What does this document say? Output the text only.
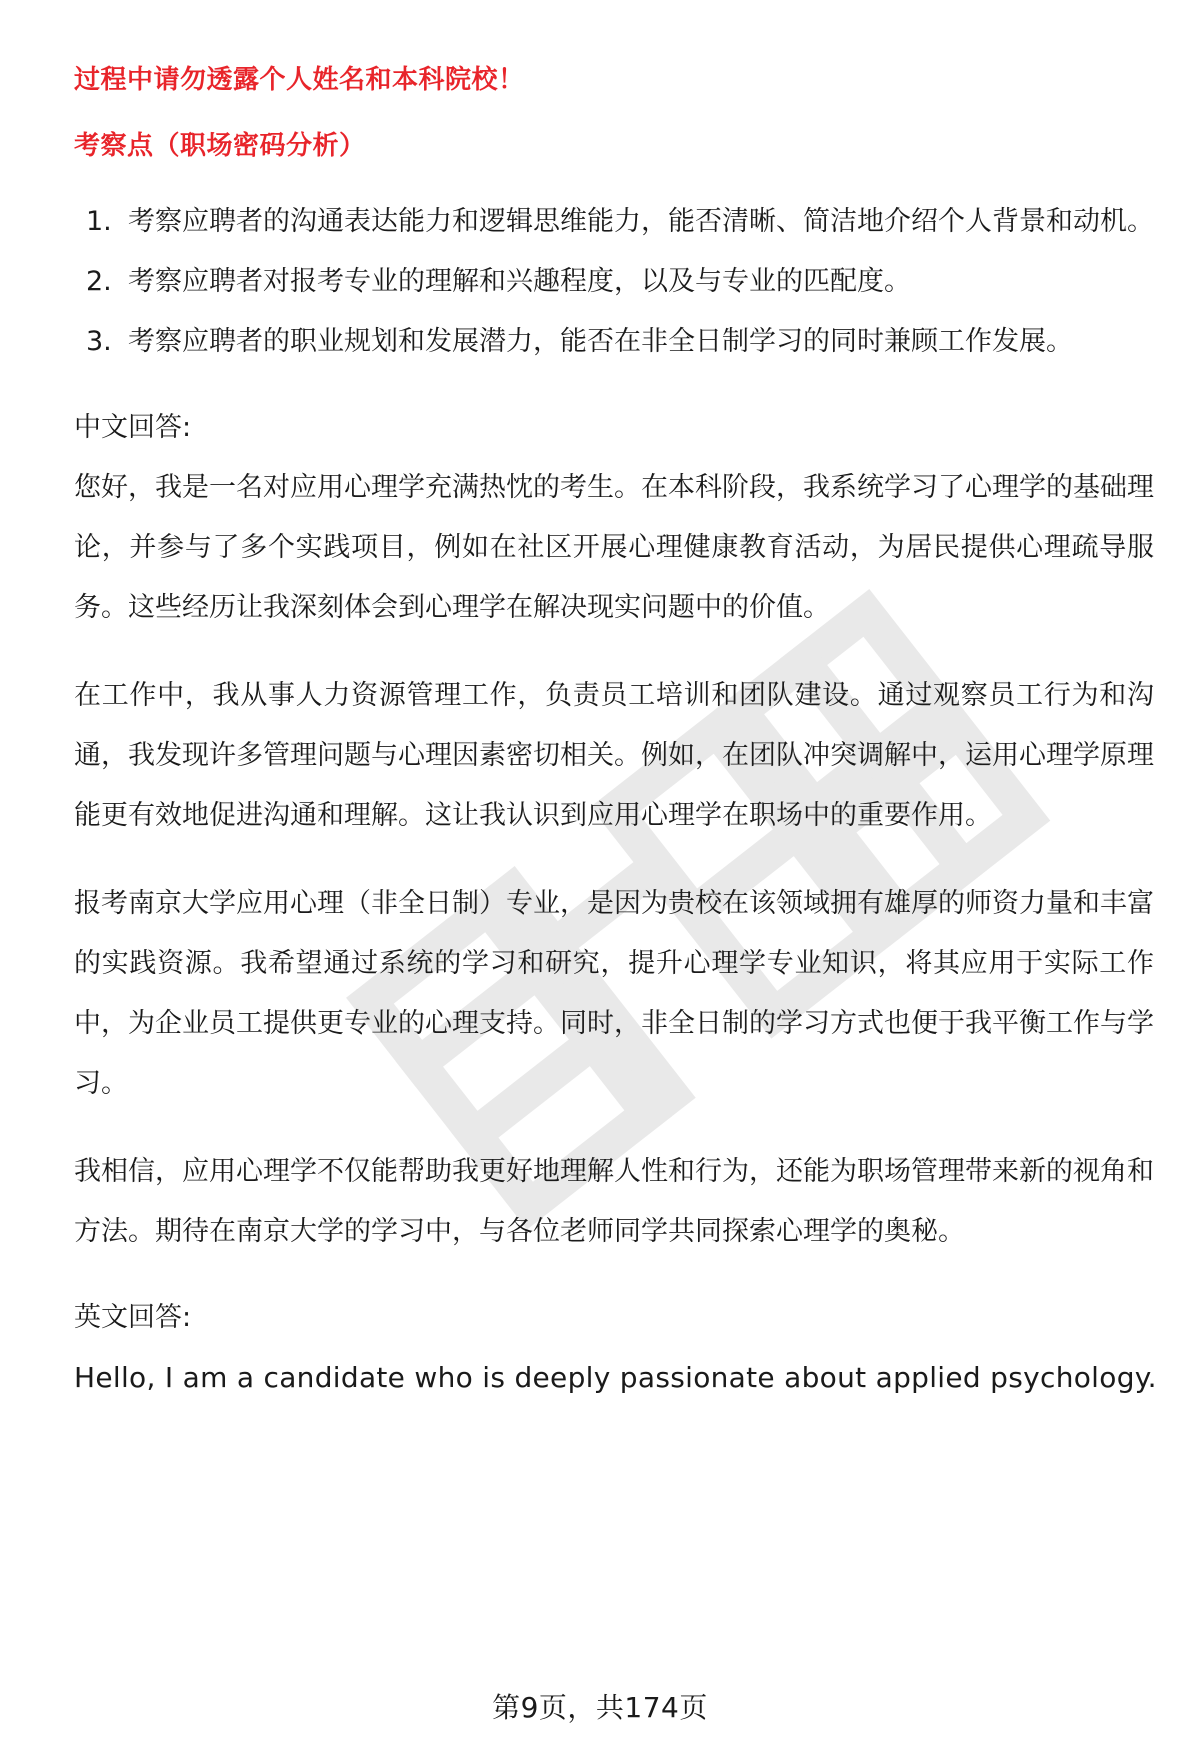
过程中请勿透露个人姓名和本科院校！

考察点（职场密码分析）

1. 考察应聘者的沟通表达能力和逻辑思维能力，能否清晰、简洁地介绍个人背景和动机。
2. 考察应聘者对报考专业的理解和兴趣程度，以及与专业的匹配度。
3. 考察应聘者的职业规划和发展潜力，能否在非全日制学习的同时兼顾工作发展。

中文回答:

您好，我是一名对应用心理学充满热忱的考生。在本科阶段，我系统学习了心理学的基础理论，并参与了多个实践项目，例如在社区开展心理健康教育活动，为居民提供心理疏导服务。这些经历让我深刻体会到心理学在解决现实问题中的价值。

在工作中，我从事人力资源管理工作，负责员工培训和团队建设。通过观察员工行为和沟通，我发现许多管理问题与心理因素密切相关。例如，在团队冲突调解中，运用心理学原理能更有效地促进沟通和理解。这让我认识到应用心理学在职场中的重要作用。

报考南京大学应用心理（非全日制）专业，是因为贵校在该领域拥有雄厚的师资力量和丰富的实践资源。我希望通过系统的学习和研究，提升心理学专业知识，将其应用于实际工作中，为企业员工提供更专业的心理支持。同时，非全日制的学习方式也便于我平衡工作与学习。

我相信，应用心理学不仅能帮助我更好地理解人性和行为，还能为职场管理带来新的视角和方法。期待在南京大学的学习中，与各位老师同学共同探索心理学的奥秘。

英文回答:

Hello, I am a candidate who is deeply passionate about applied psychology.

第9页，共174页
